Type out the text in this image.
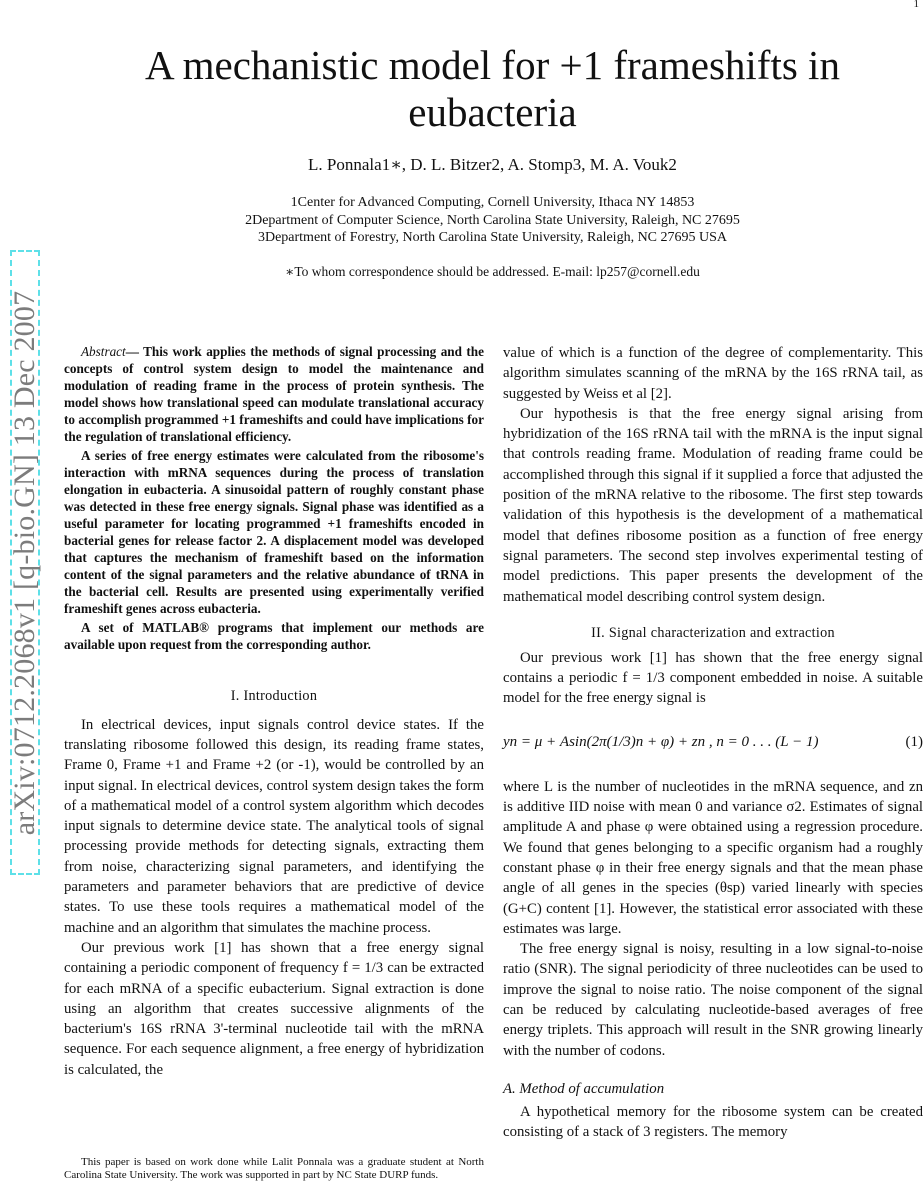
1
arXiv:0712.2068v1 [q-bio.GN] 13 Dec 2007
A mechanistic model for +1 frameshifts in eubacteria
L. Ponnala1∗, D. L. Bitzer2, A. Stomp3, M. A. Vouk2
1Center for Advanced Computing, Cornell University, Ithaca NY 14853
2Department of Computer Science, North Carolina State University, Raleigh, NC 27695
3Department of Forestry, North Carolina State University, Raleigh, NC 27695 USA
∗To whom correspondence should be addressed. E-mail: lp257@cornell.edu

Abstract— This work applies the methods of signal processing and the concepts of control system design to model the maintenance and modulation of reading frame in the process of protein synthesis. The model shows how translational speed can modulate translational accuracy to accomplish programmed +1 frameshifts and could have implications for the regulation of translational efficiency.

A series of free energy estimates were calculated from the ribosome's interaction with mRNA sequences during the process of translation elongation in eubacteria. A sinusoidal pattern of roughly constant phase was detected in these free energy signals. Signal phase was identified as a useful parameter for locating programmed +1 frameshifts encoded in bacterial genes for release factor 2. A displacement model was developed that captures the mechanism of frameshift based on the information content of the signal parameters and the relative abundance of tRNA in the bacterial cell. Results are presented using experimentally verified frameshift genes across eubacteria.

A set of MATLAB® programs that implement our methods are available upon request from the corresponding author.

I. Introduction

In electrical devices, input signals control device states. If the translating ribosome followed this design, its reading frame states, Frame 0, Frame +1 and Frame +2 (or -1), would be controlled by an input signal. In electrical devices, control system design takes the form of a mathematical model of a control system algorithm which decodes input signals to determine device state. The analytical tools of signal processing provide methods for detecting signals, extracting them from noise, characterizing signal parameters, and identifying the parameters and parameter behaviors that are predictive of device states. To use these tools requires a mathematical model of the machine and an algorithm that simulates the machine process.

Our previous work [1] has shown that a free energy signal containing a periodic component of frequency f = 1/3 can be extracted for each mRNA of a specific eubacterium. Signal extraction is done using an algorithm that creates successive alignments of the bacterium's 16S rRNA 3'-terminal nucleotide tail with the mRNA sequence. For each sequence alignment, a free energy of hybridization is calculated, the

This paper is based on work done while Lalit Ponnala was a graduate student at North Carolina State University. The work was supported in part by NC State DURP funds.

value of which is a function of the degree of complementarity. This algorithm simulates scanning of the mRNA by the 16S rRNA tail, as suggested by Weiss et al [2].

Our hypothesis is that the free energy signal arising from hybridization of the 16S rRNA tail with the mRNA is the input signal that controls reading frame. Modulation of reading frame could be accomplished through this signal if it supplied a force that adjusted the position of the mRNA relative to the ribosome. The first step towards validation of this hypothesis is the development of a mathematical model that defines ribosome position as a function of free energy signal parameters. The second step involves experimental testing of model predictions. This paper presents the development of the mathematical model describing control system design.

II. Signal characterization and extraction

Our previous work [1] has shown that the free energy signal contains a periodic f = 1/3 component embedded in noise. A suitable model for the free energy signal is

yn = μ + Asin(2π(1/3)n + φ) + zn , n = 0 . . . (L − 1)	(1)

where L is the number of nucleotides in the mRNA sequence, and zn is additive IID noise with mean 0 and variance σ2. Estimates of signal amplitude A and phase φ were obtained using a regression procedure. We found that genes belonging to a specific organism had a roughly constant phase φ in their free energy signals and that the mean phase angle of all genes in the species (θsp) varied linearly with species (G+C) content [1]. However, the statistical error associated with these estimates was large.

The free energy signal is noisy, resulting in a low signal-to-noise ratio (SNR). The signal periodicity of three nucleotides can be used to improve the signal to noise ratio. The noise component of the signal can be reduced by calculating nucleotide-based averages of free energy triplets. This approach will result in the SNR growing linearly with the number of codons.

A. Method of accumulation

A hypothetical memory for the ribosome system can be created consisting of a stack of 3 registers. The memory
